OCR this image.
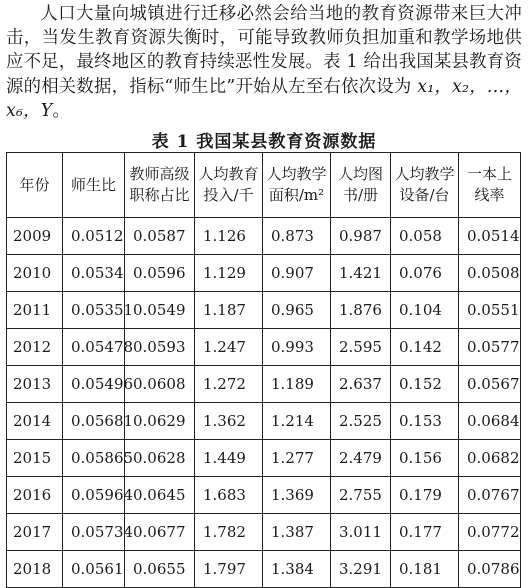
人口大量向城镇进行迁移必然会给当地的教育资源带来巨大冲击，当发生教育资源失衡时，可能导致教师负担加重和教学场地供应不足，最终地区的教育持续恶性发展。表 1 给出我国某县教育资源的相关数据，指标“师生比”开始从左至右依次设为 x₁，x₂，…，x₆，Y。
表 1 我国某县教育资源数据
年份	师生比	教师高级职称占比	人均教育投入/千	人均教学面积/m²	人均图书/册	人均教学设备/台	一本上线率
2009	0.0512	0.0587	1.126	0.873	0.987	0.058	0.0514
2010	0.0534	0.0596	1.129	0.907	1.421	0.076	0.0508
2011	0.05351	0.0549	1.187	0.965	1.876	0.104	0.0551
2012	0.05478	0.0593	1.247	0.993	2.595	0.142	0.0577
2013	0.05496	0.0608	1.272	1.189	2.637	0.152	0.0567
2014	0.05681	0.0629	1.362	1.214	2.525	0.153	0.0684
2015	0.05865	0.0628	1.449	1.277	2.479	0.156	0.0682
2016	0.05964	0.0645	1.683	1.369	2.755	0.179	0.0767
2017	0.05734	0.0677	1.782	1.387	3.011	0.177	0.0772
2018	0.0561	0.0655	1.797	1.384	3.291	0.181	0.0786
